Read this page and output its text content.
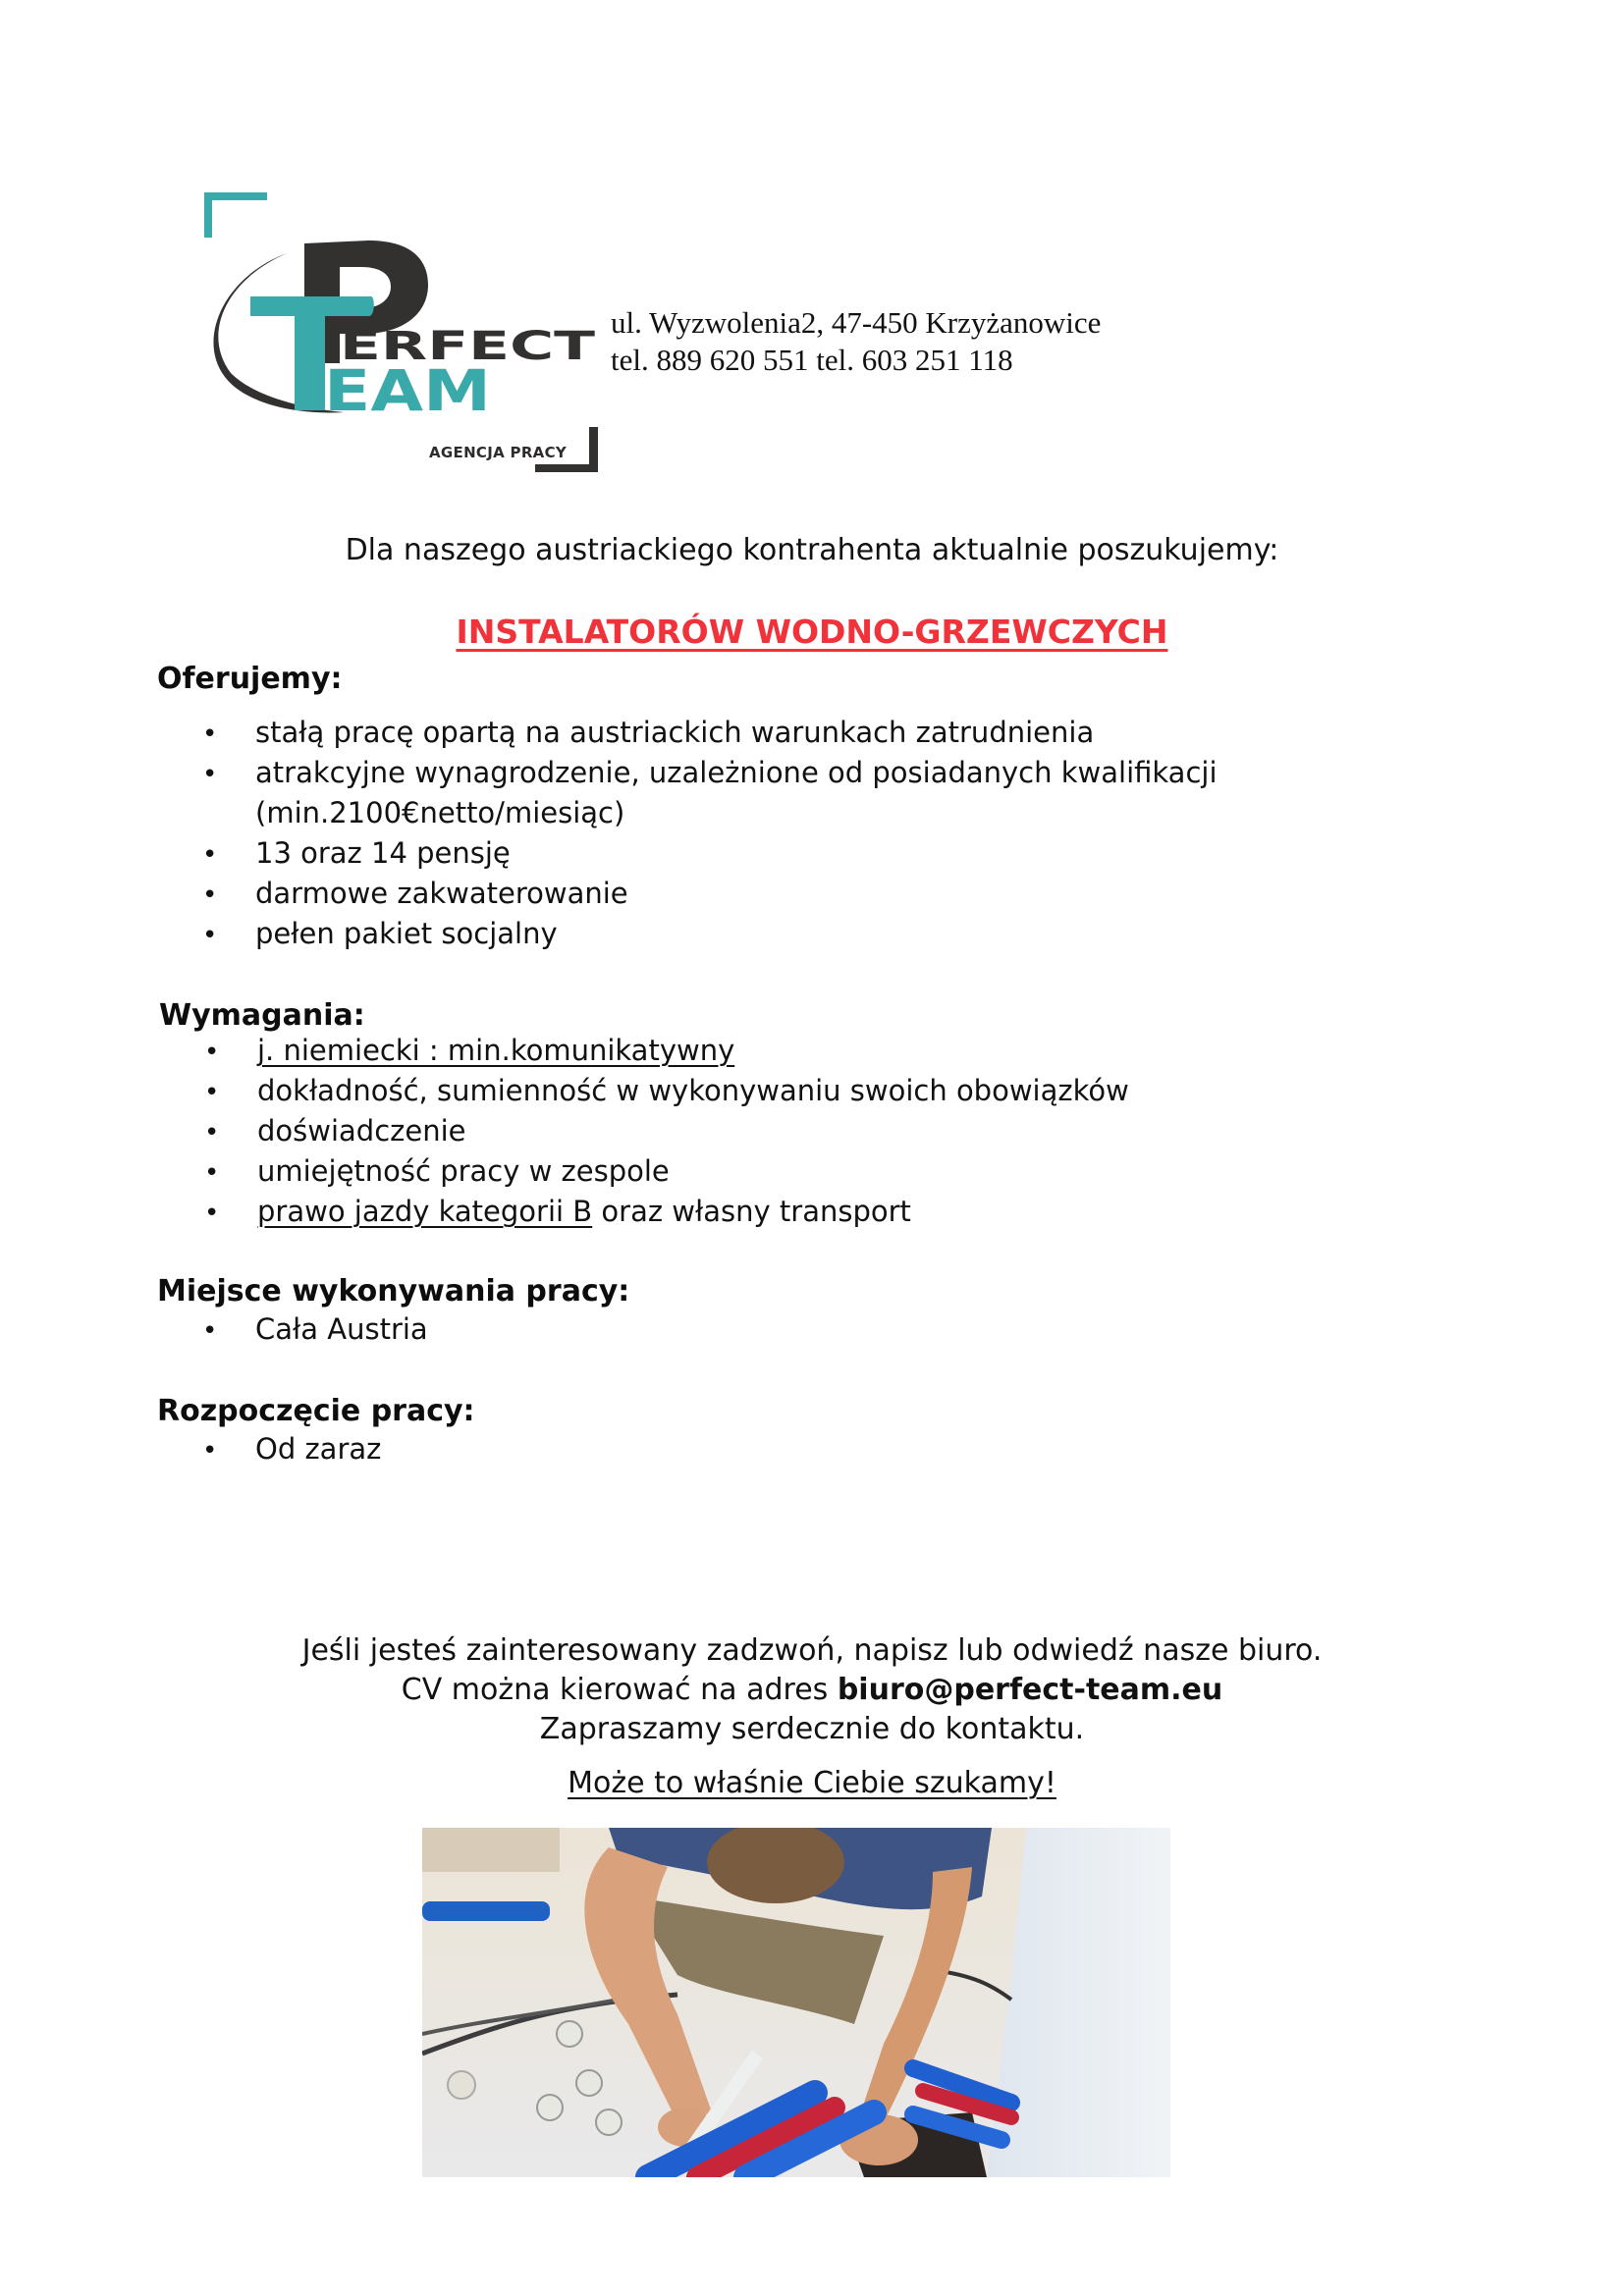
ERFECT
EAM
AGENCJA PRACY
ul. Wyzwolenia2, 47-450 Krzyżanowice
tel. 889 620 551 tel. 603 251 118
Dla naszego austriackiego kontrahenta aktualnie poszukujemy:
INSTALATORÓW WODNO-GRZEWCZYCH
Oferujemy:
• stałą pracę opartą na austriackich warunkach zatrudnienia
• atrakcyjne wynagrodzenie, uzależnione od posiadanych kwalifikacji
(min.2100€netto/miesiąc)
• 13 oraz 14 pensję
• darmowe zakwaterowanie
• pełen pakiet socjalny
Wymagania:
• j. niemiecki : min.komunikatywny
• dokładność, sumienność w wykonywaniu swoich obowiązków
• doświadczenie
• umiejętność pracy w zespole
• prawo jazdy kategorii B oraz własny transport
Miejsce wykonywania pracy:
• Cała Austria
Rozpoczęcie pracy:
• Od zaraz
Jeśli jesteś zainteresowany zadzwoń, napisz lub odwiedź nasze biuro.
CV można kierować na adres biuro@perfect-team.eu
Zapraszamy serdecznie do kontaktu.
Może to właśnie Ciebie szukamy!
